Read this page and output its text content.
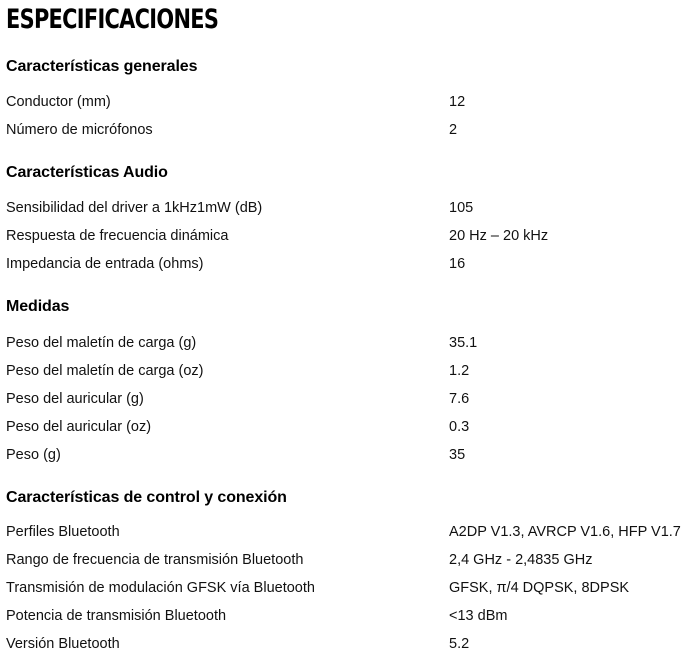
ESPECIFICACIONES
Características generales
Conductor (mm)	12
Número de micrófonos	2
Características Audio
Sensibilidad del driver a 1kHz1mW (dB)	105
Respuesta de frecuencia dinámica	20 Hz – 20 kHz
Impedancia de entrada (ohms)	16
Medidas
Peso del maletín de carga (g)	35.1
Peso del maletín de carga (oz)	1.2
Peso del auricular (g)	7.6
Peso del auricular (oz)	0.3
Peso (g)	35
Características de control y conexión
Perfiles Bluetooth	A2DP V1.3, AVRCP V1.6, HFP V1.7
Rango de frecuencia de transmisión Bluetooth	2,4 GHz - 2,4835 GHz
Transmisión de modulación GFSK vía Bluetooth	GFSK, π/4 DQPSK, 8DPSK
Potencia de transmisión Bluetooth	<13 dBm
Versión Bluetooth	5.2
